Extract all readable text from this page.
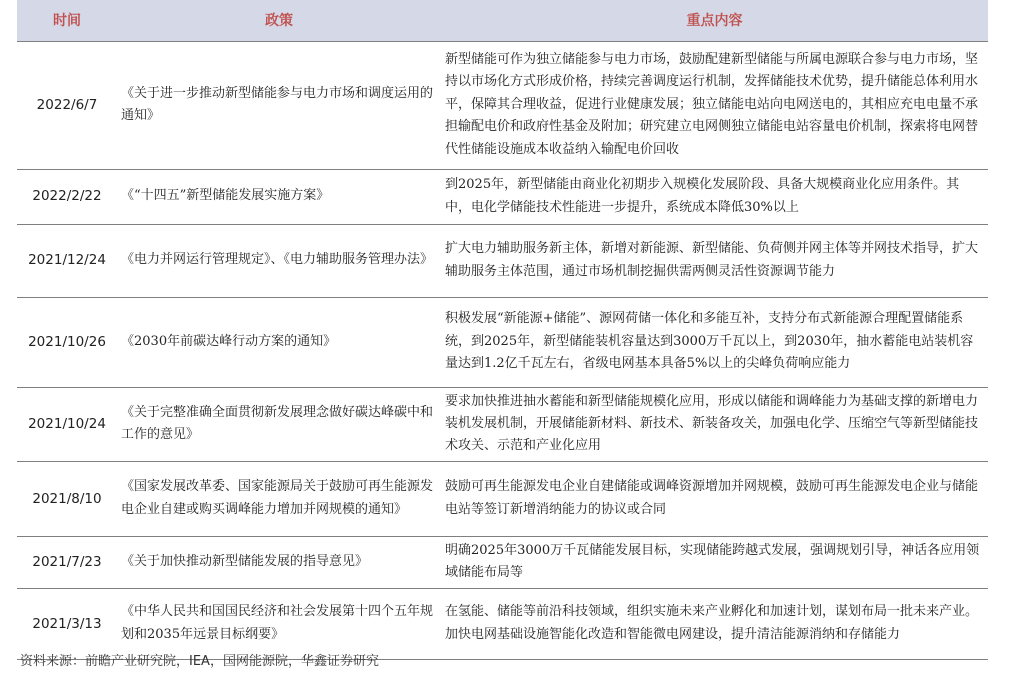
时间	政策	重点内容
2022/6/7	《关于进一步推动新型储能参与电力市场和调度运用的通知》	新型储能可作为独立储能参与电力市场，鼓励配建新型储能与所属电源联合参与电力市场，坚持以市场化方式形成价格，持续完善调度运行机制，发挥储能技术优势，提升储能总体利用水平，保障其合理收益，促进行业健康发展；独立储能电站向电网送电的，其相应充电电量不承担输配电价和政府性基金及附加；研究建立电网侧独立储能电站容量电价机制，探索将电网替代性储能设施成本收益纳入输配电价回收
2022/2/22	《“十四五”新型储能发展实施方案》	到2025年，新型储能由商业化初期步入规模化发展阶段、具备大规模商业化应用条件。其中，电化学储能技术性能进一步提升，系统成本降低30%以上
2021/12/24	《电力并网运行管理规定》、《电力辅助服务管理办法》	扩大电力辅助服务新主体，新增对新能源、新型储能、负荷侧并网主体等并网技术指导，扩大辅助服务主体范围，通过市场机制挖掘供需两侧灵活性资源调节能力
2021/10/26	《2030年前碳达峰行动方案的通知》	积极发展“新能源+储能”、源网荷储一体化和多能互补，支持分布式新能源合理配置储能系统，到2025年，新型储能装机容量达到3000万千瓦以上，到2030年，抽水蓄能电站装机容量达到1.2亿千瓦左右，省级电网基本具备5%以上的尖峰负荷响应能力
2021/10/24	《关于完整准确全面贯彻新发展理念做好碳达峰碳中和工作的意见》	要求加快推进抽水蓄能和新型储能规模化应用，形成以储能和调峰能力为基础支撑的新增电力装机发展机制，开展储能新材料、新技术、新装备攻关，加强电化学、压缩空气等新型储能技术攻关、示范和产业化应用
2021/8/10	《国家发展改革委、国家能源局关于鼓励可再生能源发电企业自建或购买调峰能力增加并网规模的通知》	鼓励可再生能源发电企业自建储能或调峰资源增加并网规模，鼓励可再生能源发电企业与储能电站等签订新增消纳能力的协议或合同
2021/7/23	《关于加快推动新型储能发展的指导意见》	明确2025年3000万千瓦储能发展目标，实现储能跨越式发展，强调规划引导，神话各应用领域储能布局等
2021/3/13	《中华人民共和国国民经济和社会发展第十四个五年规划和2035年远景目标纲要》	在氢能、储能等前沿科技领域，组织实施未来产业孵化和加速计划，谋划布局一批未来产业。加快电网基础设施智能化改造和智能微电网建设，提升清洁能源消纳和存储能力
资料来源：前瞻产业研究院，IEA，国网能源院，华鑫证券研究
